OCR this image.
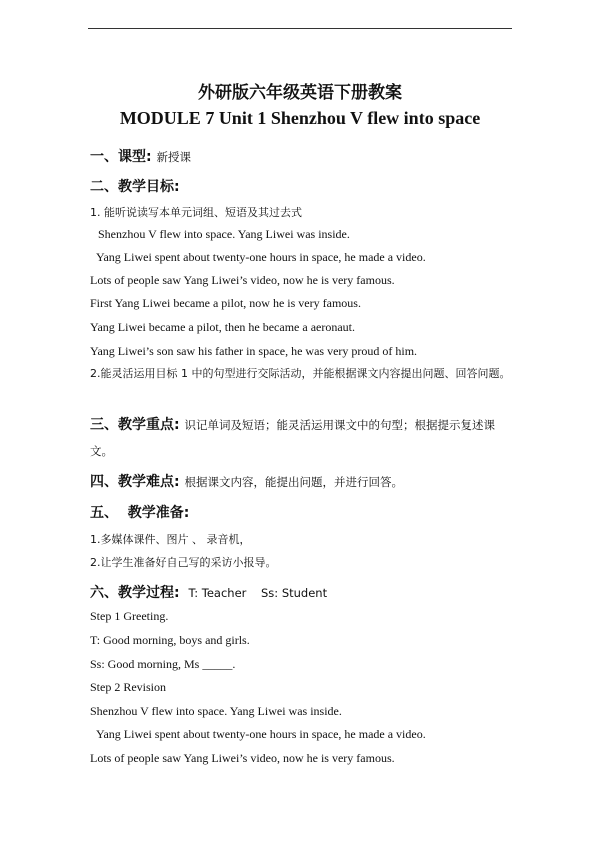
外研版六年级英语下册教案
MODULE 7 Unit 1 Shenzhou V flew into space
一、课型: 新授课
二、教学目标:
1. 能听说读写本单元词组、短语及其过去式
Shenzhou V flew into space. Yang Liwei was inside.
Yang Liwei spent about twenty-one hours in space, he made a video.
Lots of people saw Yang Liwei’s video, now he is very famous.
First Yang Liwei became a pilot, now he is very famous.
Yang Liwei became a pilot, then he became a aeronaut.
Yang Liwei’s son saw his father in space, he was very proud of him.
2.能灵活运用目标 1 中的句型进行交际活动，并能根据课文内容提出问题、回答问题。
三、教学重点: 识记单词及短语；能灵活运用课文中的句型；根据提示复述课文。
四、教学难点: 根据课文内容，能提出问题，并进行回答。
五、  教学准备:
1.多媒体课件、图片 、 录音机，
2.让学生准备好自己写的采访小报导。
六、教学过程: T: Teacher    Ss: Student
Step 1 Greeting.
T: Good morning, boys and girls.
Ss: Good morning, Ms _____.
Step 2 Revision
Shenzhou V flew into space. Yang Liwei was inside.
Yang Liwei spent about twenty-one hours in space, he made a video.
Lots of people saw Yang Liwei’s video, now he is very famous.
